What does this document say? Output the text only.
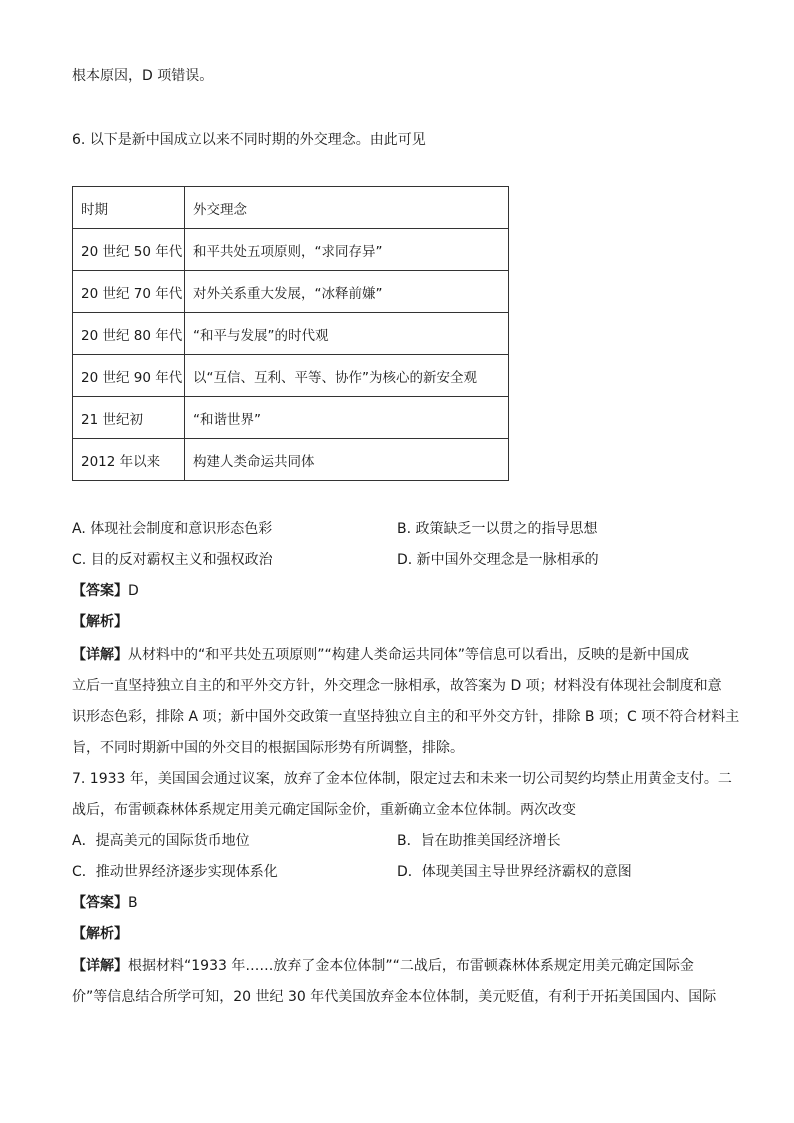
根本原因，D 项错误。
6. 以下是新中国成立以来不同时期的外交理念。由此可见
时期	外交理念
20 世纪 50 年代	和平共处五项原则，“求同存异”
20 世纪 70 年代	对外关系重大发展，“冰释前嫌”
20 世纪 80 年代	“和平与发展”的时代观
20 世纪 90 年代	以“互信、互利、平等、协作”为核心的新安全观
21 世纪初	“和谐世界”
2012 年以来	构建人类命运共同体
A. 体现社会制度和意识形态色彩	B. 政策缺乏一以贯之的指导思想
C. 目的反对霸权主义和强权政治	D. 新中国外交理念是一脉相承的
【答案】D
【解析】
【详解】从材料中的“和平共处五项原则”“构建人类命运共同体”等信息可以看出，反映的是新中国成
立后一直坚持独立自主的和平外交方针，外交理念一脉相承，故答案为 D 项；材料没有体现社会制度和意
识形态色彩，排除 A 项；新中国外交政策一直坚持独立自主的和平外交方针，排除 B 项；C 项不符合材料主
旨，不同时期新中国的外交目的根据国际形势有所调整，排除。
7. 1933 年，美国国会通过议案，放弃了金本位体制，限定过去和未来一切公司契约均禁止用黄金支付。二
战后，布雷顿森林体系规定用美元确定国际金价，重新确立金本位体制。两次改变
A．提高美元的国际货币地位	B．旨在助推美国经济增长
C．推动世界经济逐步实现体系化	D．体现美国主导世界经济霸权的意图
【答案】B
【解析】
【详解】根据材料“1933 年……放弃了金本位体制”“二战后，布雷顿森林体系规定用美元确定国际金
价”等信息结合所学可知，20 世纪 30 年代美国放弃金本位体制，美元贬值，有利于开拓美国国内、国际
